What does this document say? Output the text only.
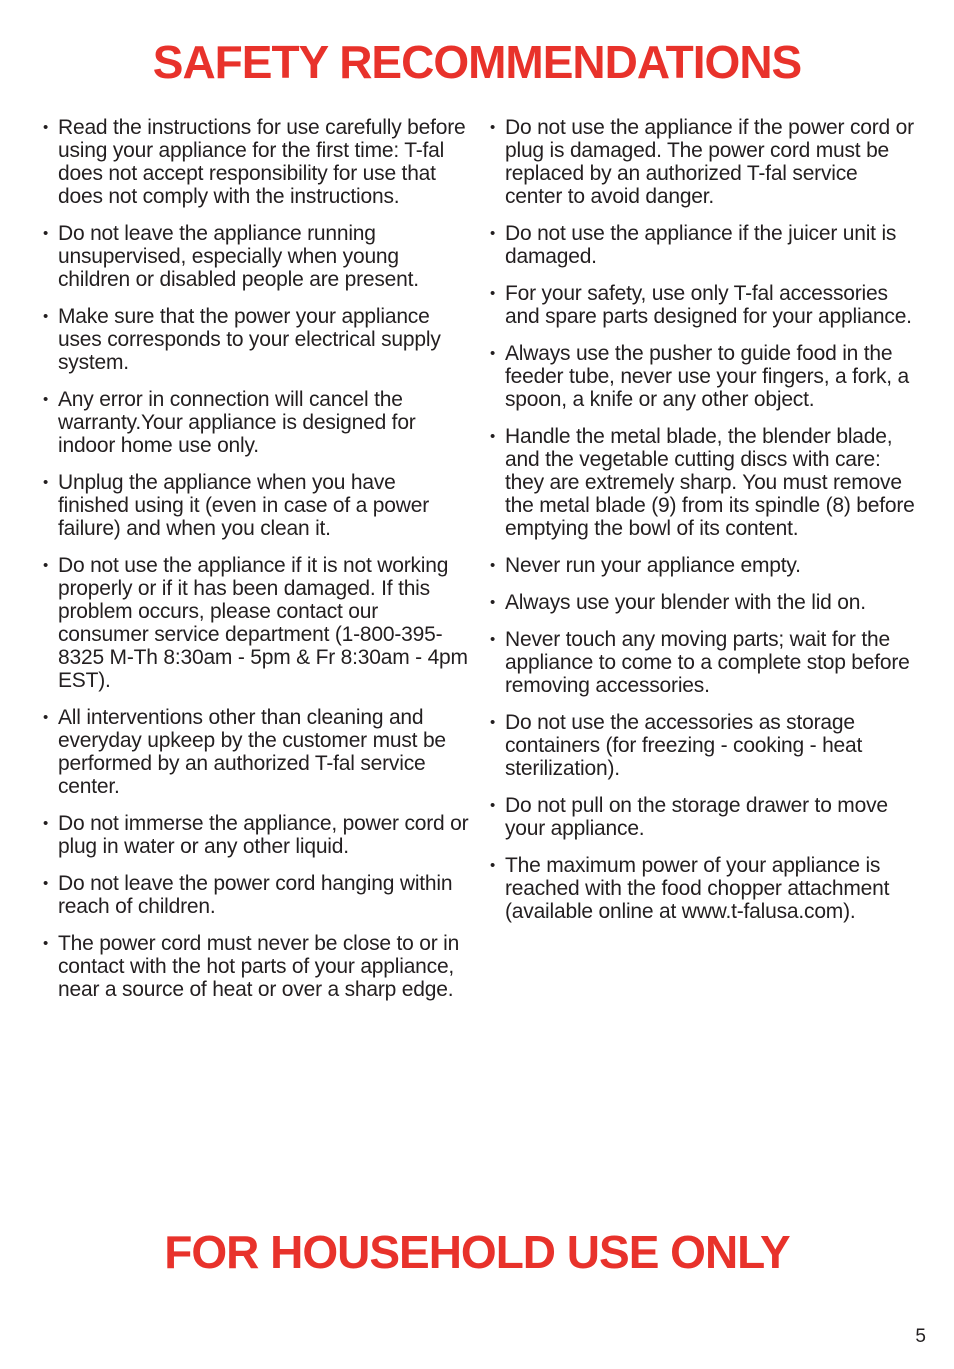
SAFETY RECOMMENDATIONS
• Read the instructions for use carefully before using your appliance for the first time: T-fal does not accept responsibility for use that does not comply with the instructions.
• Do not leave the appliance running unsupervised, especially when young children or disabled people are present.
• Make sure that the power your appliance uses corresponds to your electrical supply system.
• Any error in connection will cancel the warranty.Your appliance is designed for indoor home use only.
• Unplug the appliance when you have finished using it (even in case of a power failure) and when you clean it.
• Do not use the appliance if it is not working properly or if it has been damaged. If this problem occurs, please contact our consumer service department (1-800-395-8325 M-Th 8:30am - 5pm & Fr 8:30am - 4pm EST).
• All interventions other than cleaning and everyday upkeep by the customer must be performed by an authorized T-fal service center.
• Do not immerse the appliance, power cord or plug in water or any other liquid.
• Do not leave the power cord hanging within reach of children.
• The power cord must never be close to or in contact with the hot parts of your appliance, near a source of heat or over a sharp edge.
• Do not use the appliance if the power cord or plug is damaged. The power cord must be replaced by an authorized T-fal service center to avoid danger.
• Do not use the appliance if the juicer unit is damaged.
• For your safety, use only T-fal accessories and spare parts designed for your appliance.
• Always use the pusher to guide food in the feeder tube, never use your fingers, a fork, a spoon, a knife or any other object.
• Handle the metal blade, the blender blade, and the vegetable cutting discs with care: they are extremely sharp. You must remove the metal blade (9) from its spindle (8) before emptying the bowl of its content.
• Never run your appliance empty.
• Always use your blender with the lid on.
• Never touch any moving parts; wait for the appliance to come to a complete stop before removing accessories.
• Do not use the accessories as storage containers (for freezing - cooking - heat sterilization).
• Do not pull on the storage drawer to move your appliance.
• The maximum power of your appliance is reached with the food chopper attachment (available online at www.t-falusa.com).
FOR HOUSEHOLD USE ONLY
5
